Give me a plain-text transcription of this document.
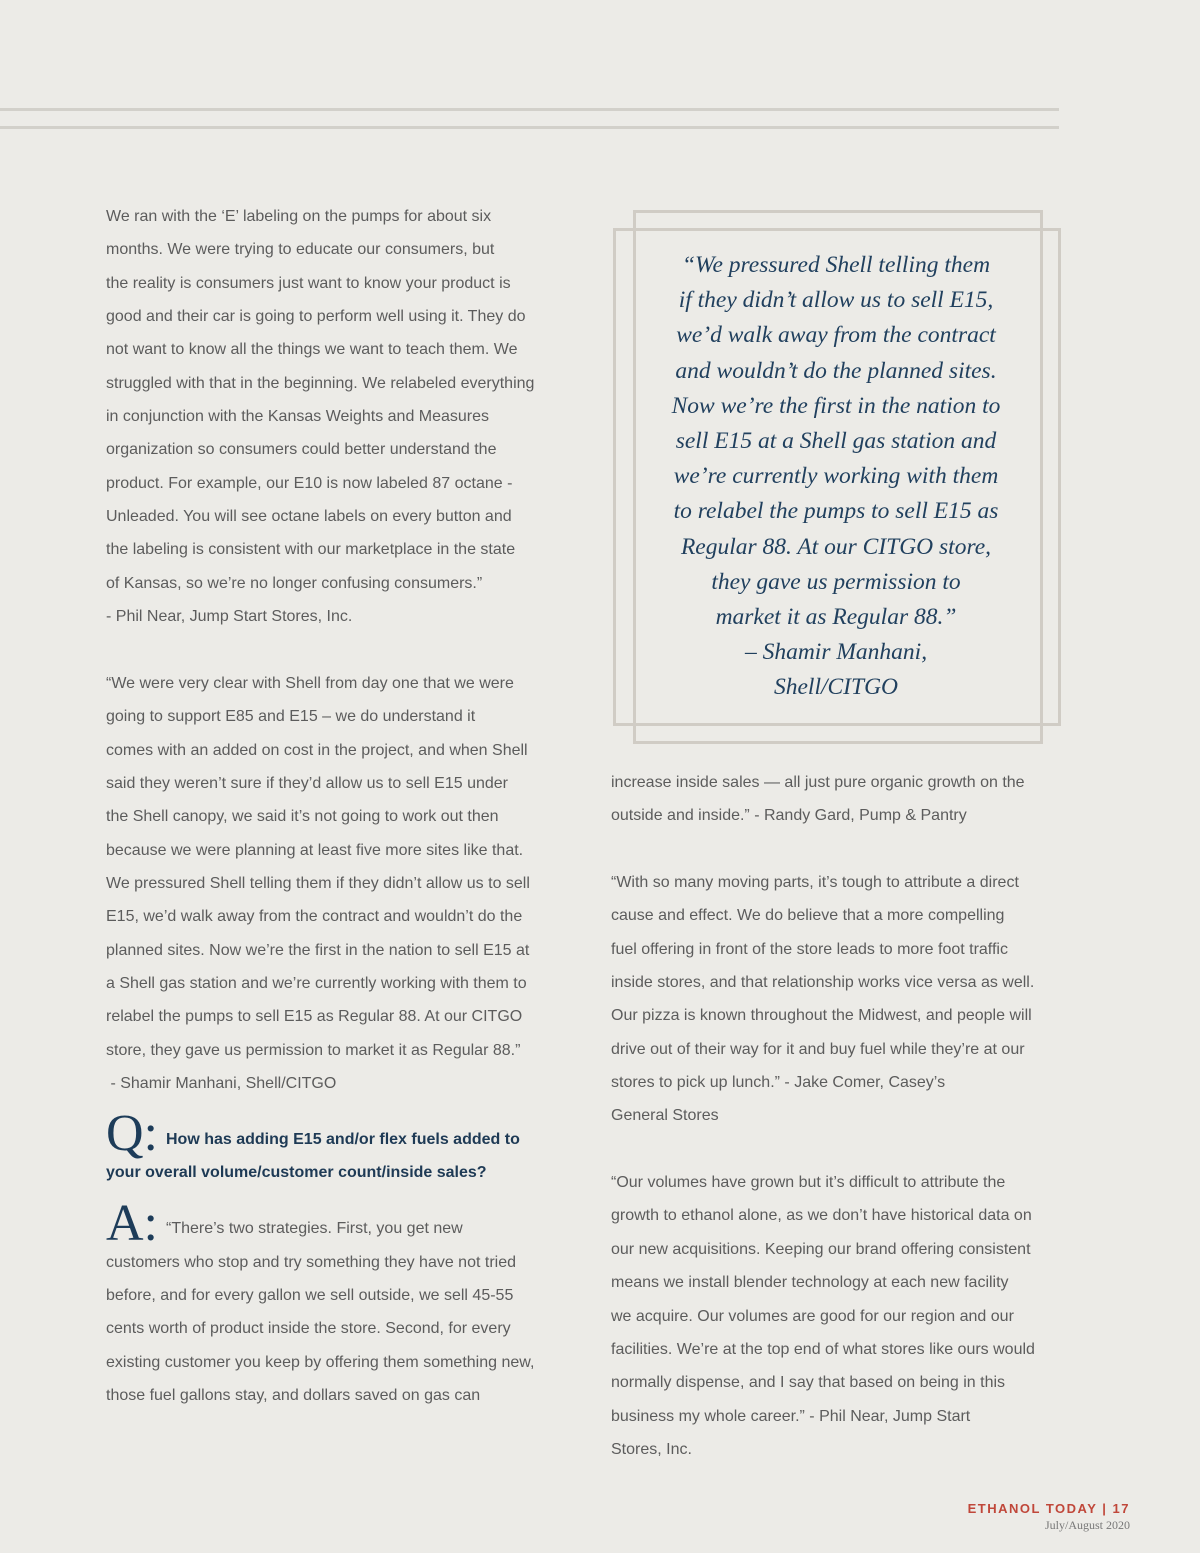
We ran with the ‘E’ labeling on the pumps for about six
months. We were trying to educate our consumers, but
the reality is consumers just want to know your product is
good and their car is going to perform well using it. They do
not want to know all the things we want to teach them. We
struggled with that in the beginning. We relabeled everything
in conjunction with the Kansas Weights and Measures
organization so consumers could better understand the
product. For example, our E10 is now labeled 87 octane -
Unleaded. You will see octane labels on every button and
the labeling is consistent with our marketplace in the state
of Kansas, so we’re no longer confusing consumers.”
- Phil Near, Jump Start Stores, Inc.
“We were very clear with Shell from day one that we were
going to support E85 and E15 – we do understand it
comes with an added on cost in the project, and when Shell
said they weren’t sure if they’d allow us to sell E15 under
the Shell canopy, we said it’s not going to work out then
because we were planning at least five more sites like that.
We pressured Shell telling them if they didn’t allow us to sell
E15, we’d walk away from the contract and wouldn’t do the
planned sites. Now we’re the first in the nation to sell E15 at
a Shell gas station and we’re currently working with them to
relabel the pumps to sell E15 as Regular 88. At our CITGO
store, they gave us permission to market it as Regular 88.”
- Shamir Manhani, Shell/CITGO
Q: How has adding E15 and/or flex fuels added to
your overall volume/customer count/inside sales?
A: “There’s two strategies. First, you get new
customers who stop and try something they have not tried
before, and for every gallon we sell outside, we sell 45-55
cents worth of product inside the store. Second, for every
existing customer you keep by offering them something new,
those fuel gallons stay, and dollars saved on gas can
“We pressured Shell telling them
if they didn’t allow us to sell E15,
we’d walk away from the contract
and wouldn’t do the planned sites.
Now we’re the first in the nation to
sell E15 at a Shell gas station and
we’re currently working with them
to relabel the pumps to sell E15 as
Regular 88. At our CITGO store,
they gave us permission to
market it as Regular 88.”
– Shamir Manhani,
Shell/CITGO
increase inside sales — all just pure organic growth on the
outside and inside.” - Randy Gard, Pump & Pantry
“With so many moving parts, it’s tough to attribute a direct
cause and effect. We do believe that a more compelling
fuel offering in front of the store leads to more foot traffic
inside stores, and that relationship works vice versa as well.
Our pizza is known throughout the Midwest, and people will
drive out of their way for it and buy fuel while they’re at our
stores to pick up lunch.” - Jake Comer, Casey’s
General Stores
“Our volumes have grown but it’s difficult to attribute the
growth to ethanol alone, as we don’t have historical data on
our new acquisitions. Keeping our brand offering consistent
means we install blender technology at each new facility
we acquire. Our volumes are good for our region and our
facilities. We’re at the top end of what stores like ours would
normally dispense, and I say that based on being in this
business my whole career.” - Phil Near, Jump Start
Stores, Inc.
ETHANOL TODAY | 17
July/August 2020
